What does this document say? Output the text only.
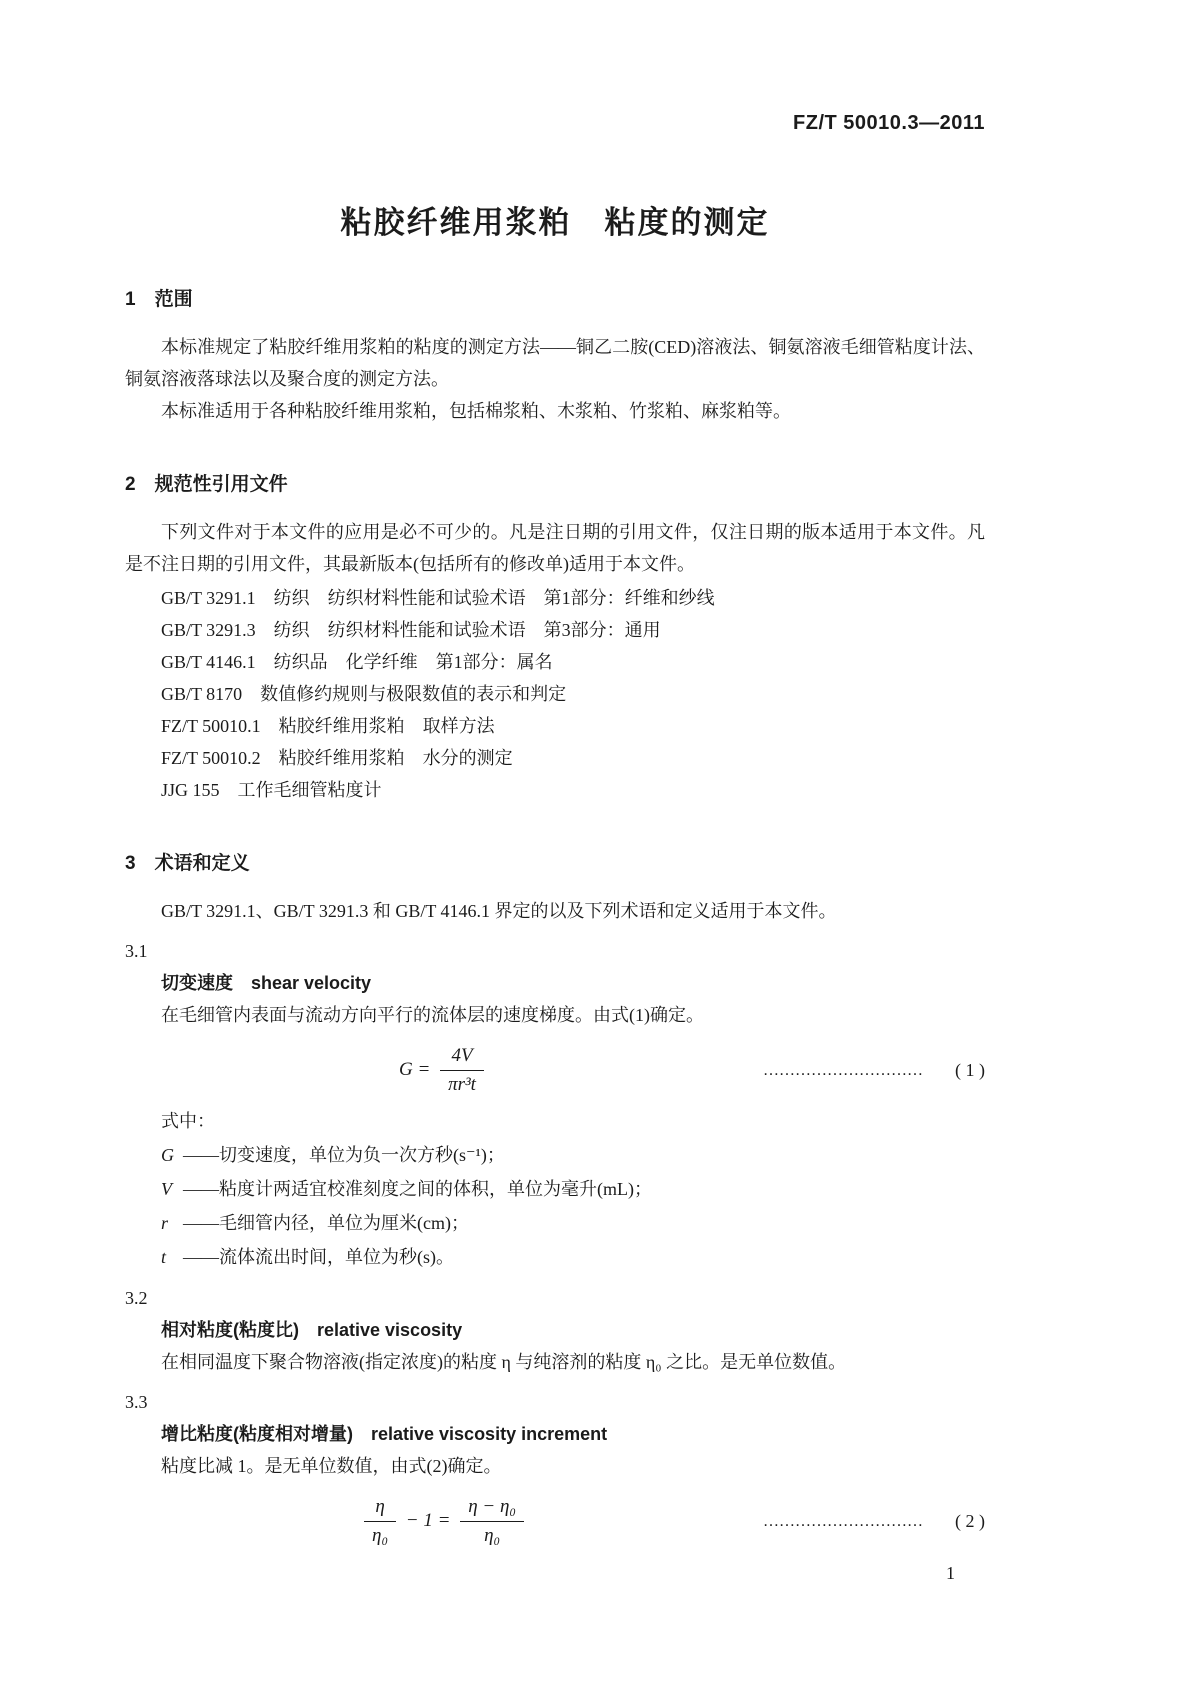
FZ/T 50010.3—2011
粘胶纤维用浆粕　粘度的测定
1　范围

本标准规定了粘胶纤维用浆粕的粘度的测定方法——铜乙二胺(CED)溶液法、铜氨溶液毛细管粘度计法、铜氨溶液落球法以及聚合度的测定方法。

本标准适用于各种粘胶纤维用浆粕，包括棉浆粕、木浆粕、竹浆粕、麻浆粕等。

2　规范性引用文件

下列文件对于本文件的应用是必不可少的。凡是注日期的引用文件，仅注日期的版本适用于本文件。凡是不注日期的引用文件，其最新版本(包括所有的修改单)适用于本文件。

GB/T 3291.1　纺织　纺织材料性能和试验术语　第1部分：纤维和纱线

GB/T 3291.3　纺织　纺织材料性能和试验术语　第3部分：通用

GB/T 4146.1　纺织品　化学纤维　第1部分：属名

GB/T 8170　数值修约规则与极限数值的表示和判定

FZ/T 50010.1　粘胶纤维用浆粕　取样方法

FZ/T 50010.2　粘胶纤维用浆粕　水分的测定

JJG 155　工作毛细管粘度计

3　术语和定义

GB/T 3291.1、GB/T 3291.3 和 GB/T 4146.1 界定的以及下列术语和定义适用于本文件。

3.1

切变速度　shear velocity

在毛细管内表面与流动方向平行的流体层的速度梯度。由式(1)确定。

$G = \frac{4V}{\text{πr³t}}$	…………………………	( 1 )

式中：

G ——切变速度，单位为负一次方秒(s⁻¹)；

V ——粘度计两适宜校准刻度之间的体积，单位为毫升(mL)；

r ——毛细管内径，单位为厘米(cm)；

t ——流体流出时间，单位为秒(s)。

3.2

相对粘度(粘度比)　relative viscosity

在相同温度下聚合物溶液(指定浓度)的粘度 η 与纯溶剂的粘度 η₀ 之比。是无单位数值。

3.3

增比粘度(粘度相对增量)　relative viscosity increment

粘度比减 1。是无单位数值，由式(2)确定。

$\frac{\eta}{\text{η₀}} - 1 = \frac{\text{η − η₀}}{\text{η₀}}$	…………………………	( 2 )
1
